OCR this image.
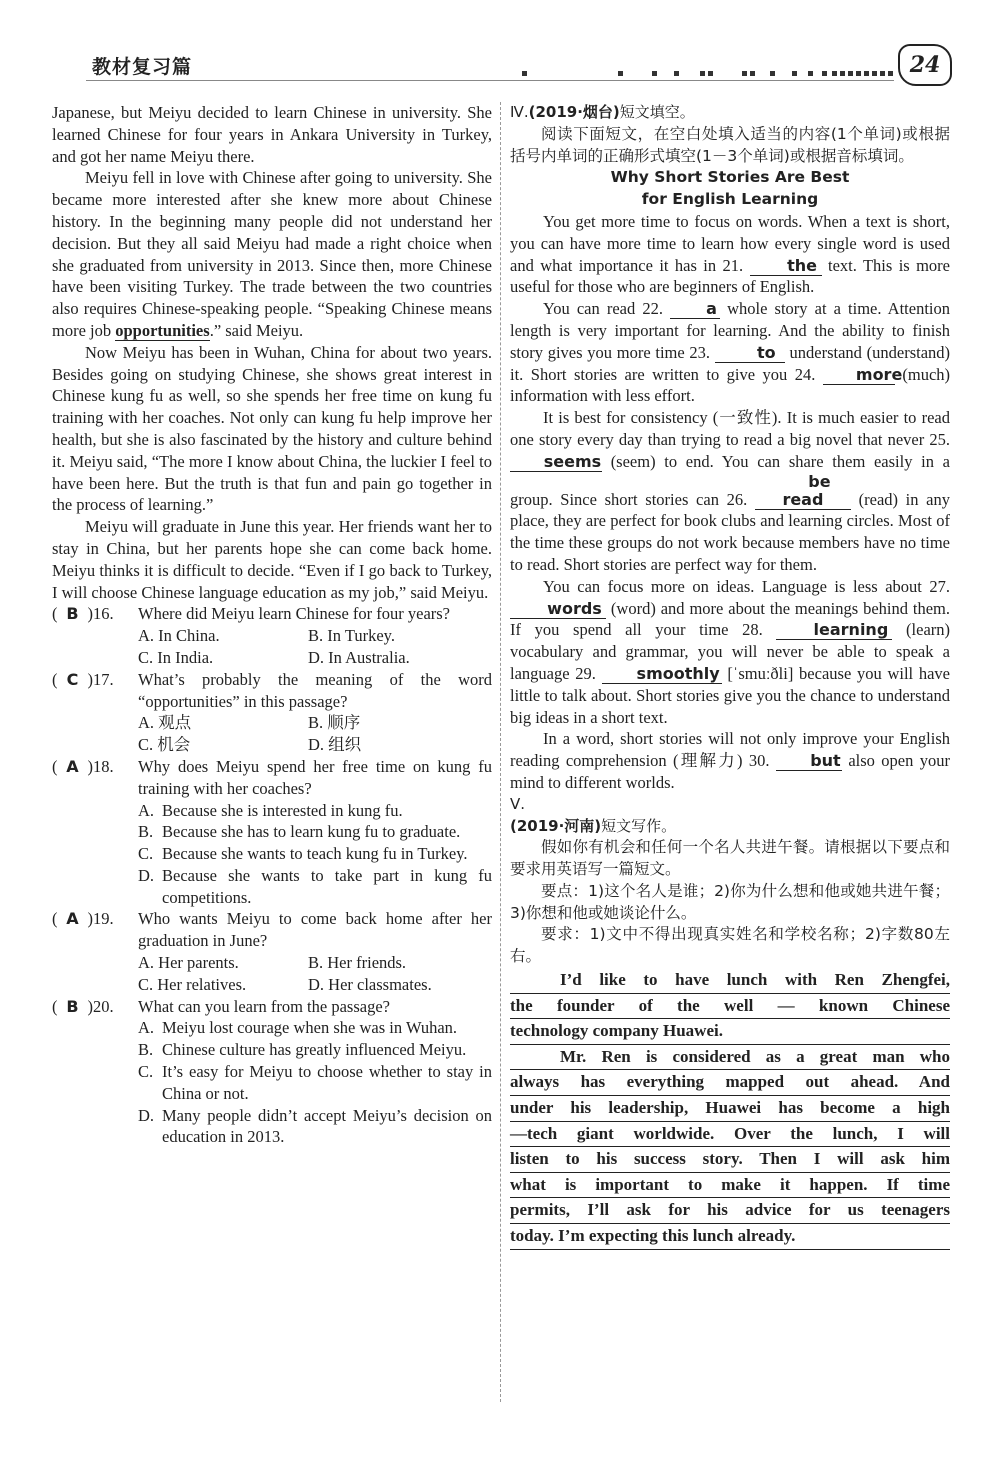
教材复习篇	24

Japanese, but Meiyu decided to learn Chinese in university. She learned Chinese for four years in Ankara University in Turkey, and got her name Meiyu there.

Meiyu fell in love with Chinese after going to university. She became more interested after she knew more about Chinese history. In the beginning many people did not understand her decision. But they all said Meiyu had made a right choice when she graduated from university in 2013. Since then, more Chinese have been visiting Turkey. The trade between the two countries also requires Chinese-speaking people. “Speaking Chinese means more job opportunities.” said Meiyu.

Now Meiyu has been in Wuhan, China for about two years. Besides going on studying Chinese, she shows great interest in Chinese kung fu as well, so she spends her free time on kung fu training with her coaches. Not only can kung fu help improve her health, but she is also fascinated by the history and culture behind it. Meiyu said, “The more I know about China, the luckier I feel to have been here. But the truth is that fun and pain go together in the process of learning.”

Meiyu will graduate in June this year. Her friends want her to stay in China, but her parents hope she can come back home. Meiyu thinks it is difficult to decide. “Even if I go back to Turkey, I will choose Chinese language education as my job,” said Meiyu.

( B )16.	Where did Meiyu learn Chinese for four years?
A. In China.	B. In Turkey.
C. In India.	D. In Australia.
( C )17.	What’s probably the meaning of the word “opportunities” in this passage?
A. 观点	B. 顺序
C. 机会	D. 组织
( A )18.	Why does Meiyu spend her free time on kung fu training with her coaches?
A. Because she is interested in kung fu.
B. Because she has to learn kung fu to graduate.
C. Because she wants to teach kung fu in Turkey.
D. Because she wants to take part in kung fu competitions.
( A )19.	Who wants Meiyu to come back home after her graduation in June?
A. Her parents.	B. Her friends.
C. Her relatives.	D. Her classmates.
( B )20.	What can you learn from the passage?
A. Meiyu lost courage when she was in Wuhan.
B. Chinese culture has greatly influenced Meiyu.
C. It’s easy for Meiyu to choose whether to stay in China or not.
D. Many people didn’t accept Meiyu’s decision on education in 2013.

Ⅳ.(2019·烟台)短文填空。

阅读下面短文，在空白处填入适当的内容(1个单词)或根据括号内单词的正确形式填空(1－3个单词)或根据音标填词。

Why Short Stories Are Best
for English Learning

You get more time to focus on words. When a text is short, you can have more time to learn how every single word is used and what importance it has in 21.	the text. This is more useful for those who are beginners of English.

You can read 22.	a whole story at a time. Attention length is very important for learning. And the ability to finish story gives you more time 23.	to understand (understand) it. Short stories are written to give you 24.	more (much) information with less effort.

It is best for consistency (一致性). It is much easier to read one story every day than trying to read a big novel that never 25. seems (seem) to end. You can share them easily in a group. Since short stories can 26. be read (read) in any place, they are perfect for book clubs and learning circles. Most of the time these groups do not work because members have no time to read. Short stories are perfect way for them.

You can focus more on ideas. Language is less about 27. words (word) and more about the meanings behind them. If you spend all your time 28.	learning (learn) vocabulary and grammar, you will never be able to speak a language 29.	smoothly [ˈsmuːðli] because you will have little to talk about. Short stories give you the chance to understand big ideas in a short text.

In a word, short stories will not only improve your English reading comprehension (理解力) 30.	but also open your mind to different worlds.

Ⅴ.

(2019·河南)短文写作。

假如你有机会和任何一个名人共进午餐。请根据以下要点和要求用英语写一篇短文。

要点：1)这个名人是谁；2)你为什么想和他或她共进午餐；3)你想和他或她谈论什么。

要求：1)文中不得出现真实姓名和学校名称；2)字数80左右。

I’d like to have lunch with Ren Zhengfei,
the founder of the well — known Chinese
technology company Huawei.
Mr. Ren is considered as a great man who
always has everything mapped out ahead. And
under his leadership, Huawei has become a high
—tech giant worldwide. Over the lunch, I will
listen to his success story. Then I will ask him
what is important to make it happen. If time
permits, I’ll ask for his advice for us teenagers
today. I’m expecting this lunch already.
